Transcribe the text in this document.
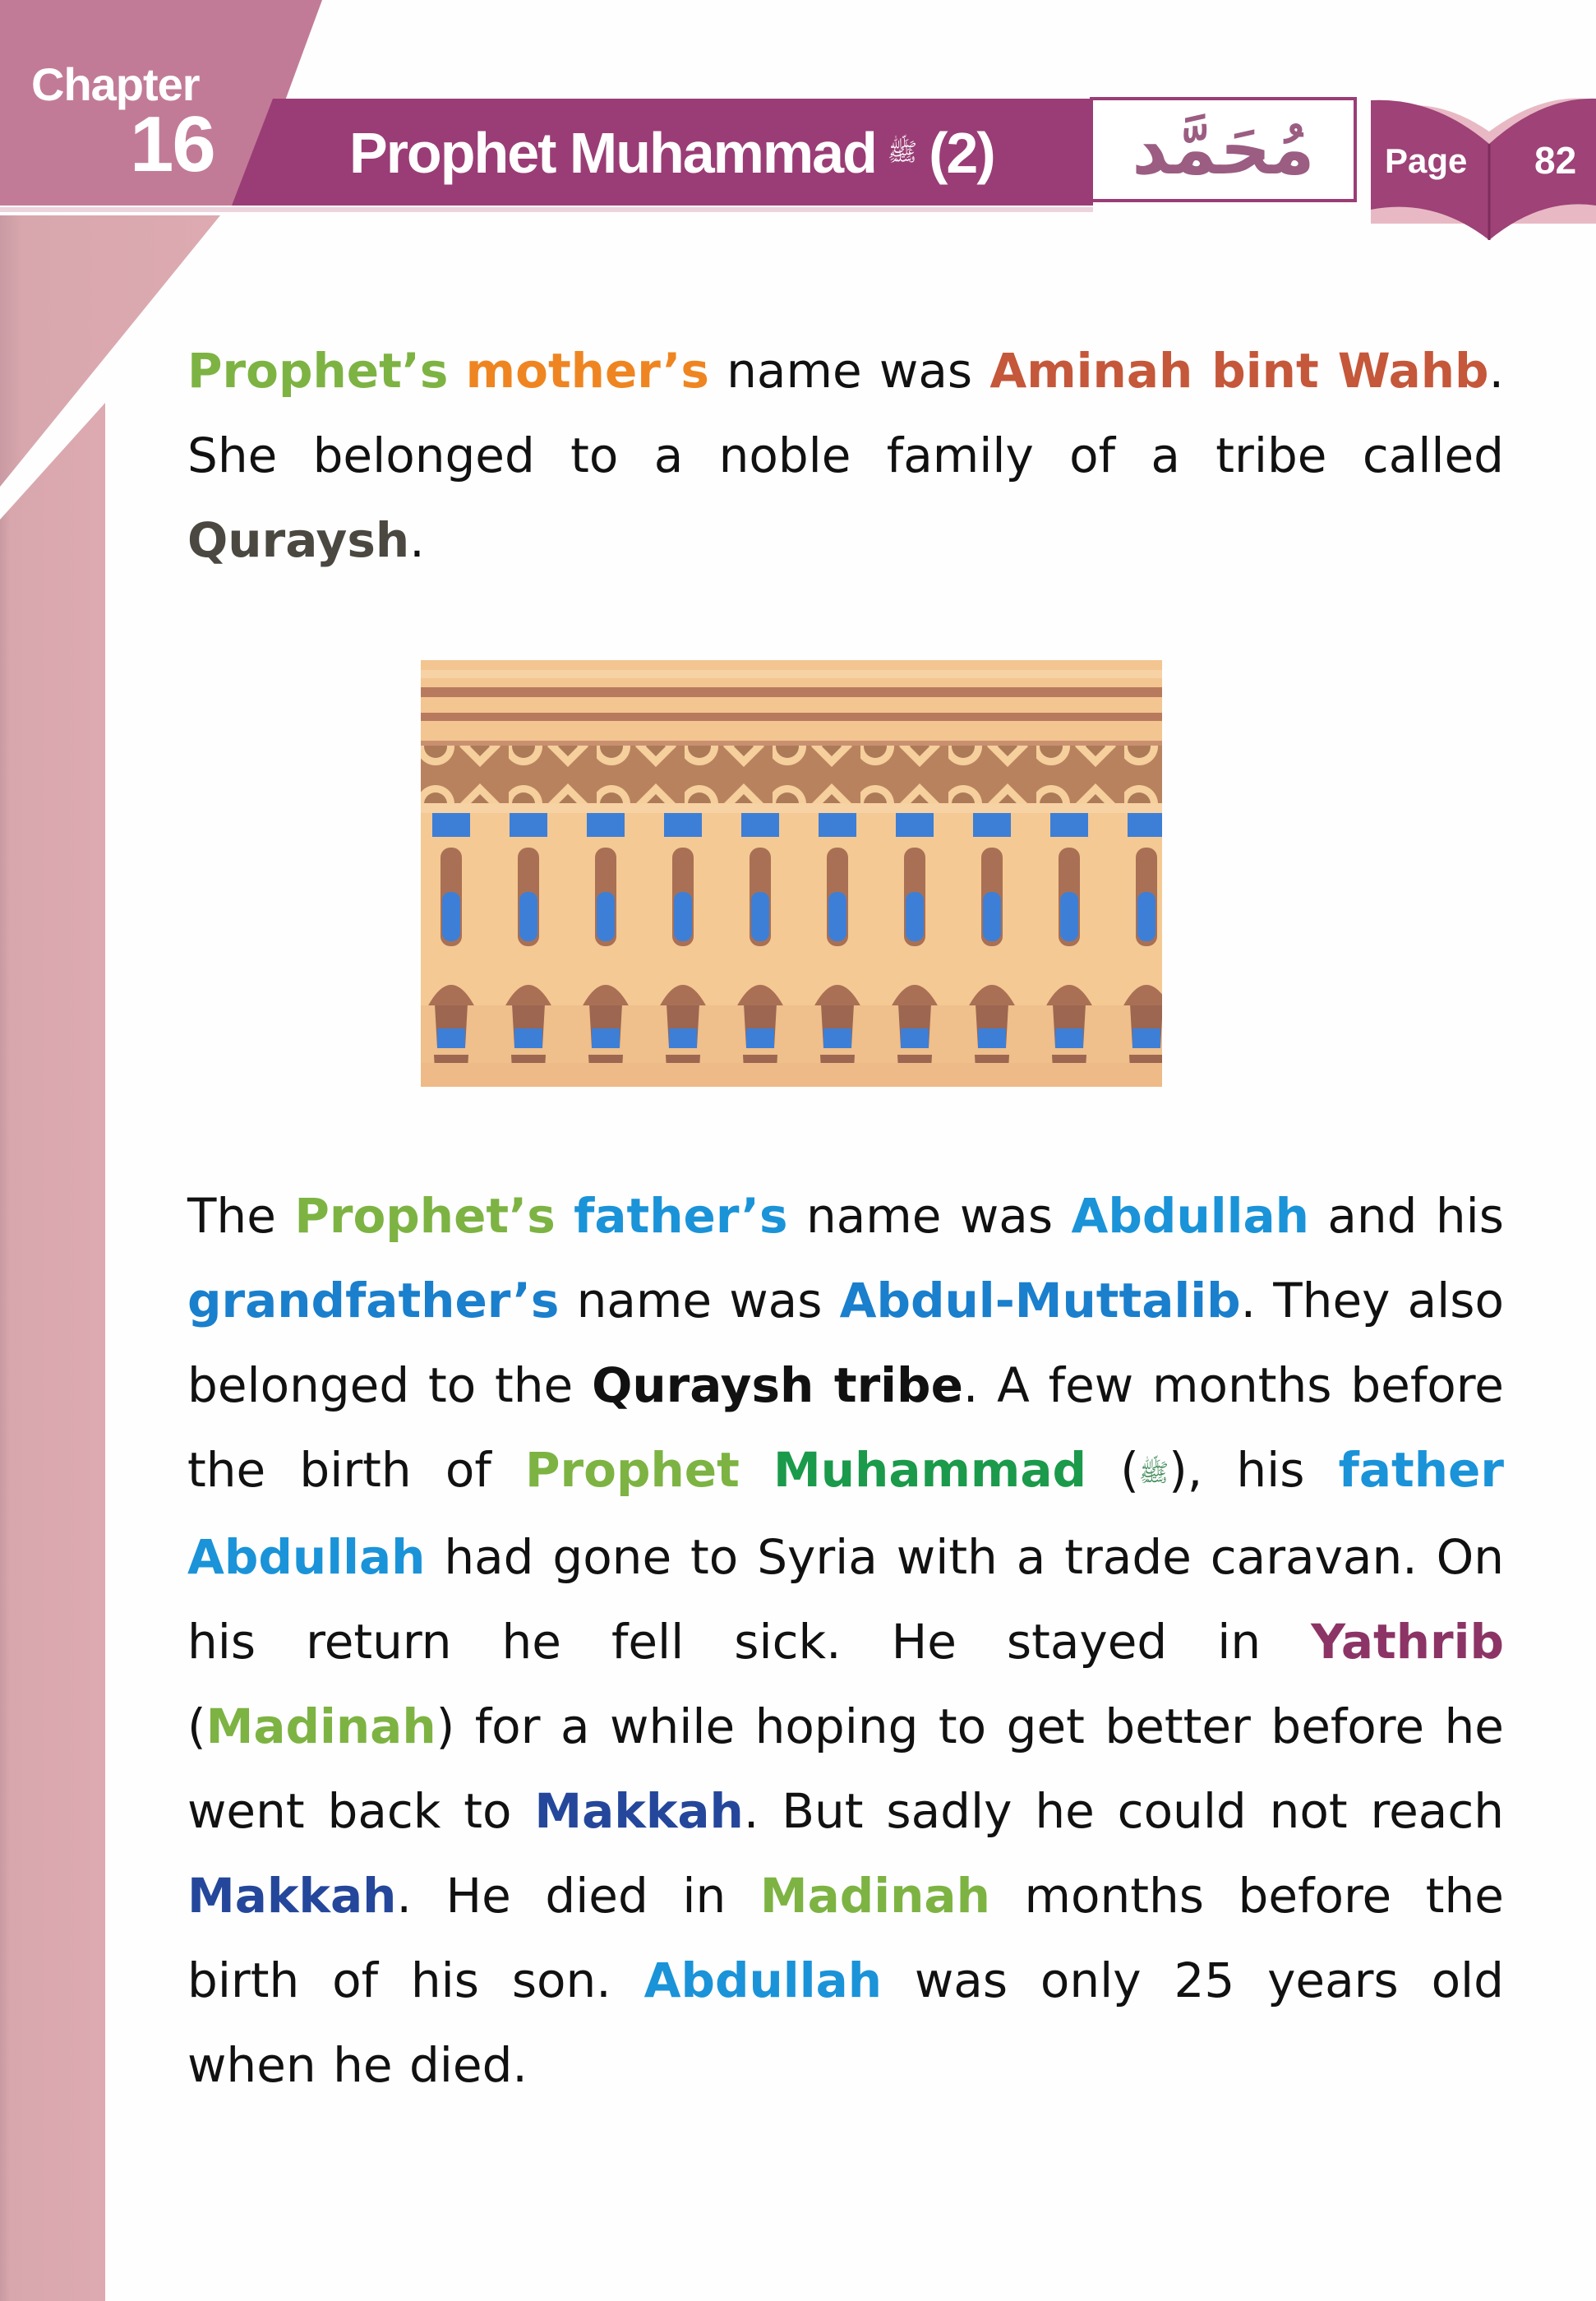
Chapter
16 Prophet Muhammad ﷺ (2) مُحَمَّد Page 82

Prophet’s mother’s name was Aminah bint Wahb. She belonged to a noble family of a tribe called Quraysh.

The Prophet’s father’s name was Abdullah and his grandfather’s name was Abdul-Muttalib. They also belonged to the Quraysh tribe. A few months before the birth of Prophet Muhammad (ﷺ), his father Abdullah had gone to Syria with a trade caravan. On his return he fell sick. He stayed in Yathrib (Madinah) for a while hoping to get better before he went back to Makkah. But sadly he could not reach Makkah. He died in Madinah months before the birth of his son. Abdullah was only 25 years old when he died.
